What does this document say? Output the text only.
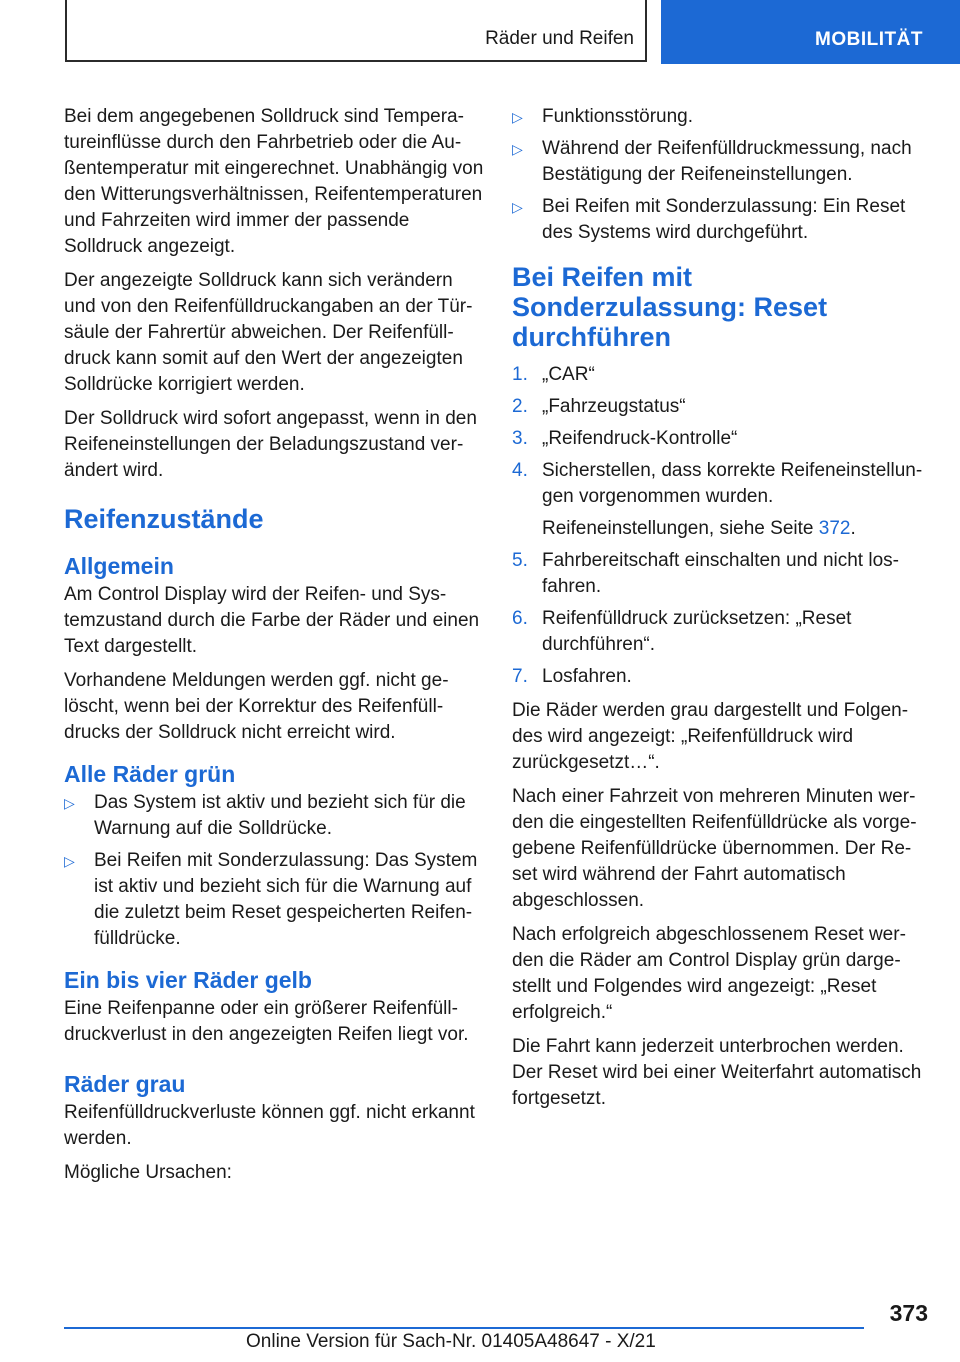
Räder und Reifen	MOBILITÄT

Bei dem angegebenen Solldruck sind Temperatureinflüsse durch den Fahrbetrieb oder die Außentemperatur mit eingerechnet. Unabhängig von den Witterungsverhältnissen, Reifentemperaturen und Fahrzeiten wird immer der passende Solldruck angezeigt.

Der angezeigte Solldruck kann sich verändern und von den Reifenfülldruckangaben an der Türsäule der Fahrertür abweichen. Der Reifenfülldruck kann somit auf den Wert der angezeigten Solldrücke korrigiert werden.

Der Solldruck wird sofort angepasst, wenn in den Reifeneinstellungen der Beladungszustand verändert wird.

Reifenzustände
Allgemein

Am Control Display wird der Reifen- und Systemzustand durch die Farbe der Räder und einen Text dargestellt.

Vorhandene Meldungen werden ggf. nicht gelöscht, wenn bei der Korrektur des Reifenfülldrucks der Solldruck nicht erreicht wird.

Alle Räder grün
▷ Das System ist aktiv und bezieht sich für die Warnung auf die Solldrücke.
▷ Bei Reifen mit Sonderzulassung: Das System ist aktiv und bezieht sich für die Warnung auf die zuletzt beim Reset gespeicherten Reifenfülldrücke.
Ein bis vier Räder gelb

Eine Reifenpanne oder ein größerer Reifenfülldruckverlust in den angezeigten Reifen liegt vor.

Räder grau

Reifenfülldruckverluste können ggf. nicht erkannt werden.

Mögliche Ursachen:

▷ Funktionsstörung.
▷ Während der Reifenfülldruckmessung, nach Bestätigung der Reifeneinstellungen.
▷ Bei Reifen mit Sonderzulassung: Ein Reset des Systems wird durchgeführt.
Bei Reifen mit Sonderzulassung: Reset durchführen
1. „CAR“
2. „Fahrzeugstatus“
3. „Reifendruck-Kontrolle“
4. Sicherstellen, dass korrekte Reifeneinstellungen vorgenommen wurden.
Reifeneinstellungen, siehe Seite 372.
5. Fahrbereitschaft einschalten und nicht losfahren.
6. Reifenfülldruck zurücksetzen: „Reset durchführen“.
7. Losfahren.

Die Räder werden grau dargestellt und Folgendes wird angezeigt: „Reifenfülldruck wird zurückgesetzt…“.

Nach einer Fahrzeit von mehreren Minuten werden die eingestellten Reifenfülldrücke als vorgegebene Reifenfülldrücke übernommen. Der Reset wird während der Fahrt automatisch abgeschlossen.

Nach erfolgreich abgeschlossenem Reset werden die Räder am Control Display grün dargestellt und Folgendes wird angezeigt: „Reset erfolgreich.“

Die Fahrt kann jederzeit unterbrochen werden. Der Reset wird bei einer Weiterfahrt automatisch fortgesetzt.

373
Online Version für Sach-Nr. 01405A48647 - X/21
